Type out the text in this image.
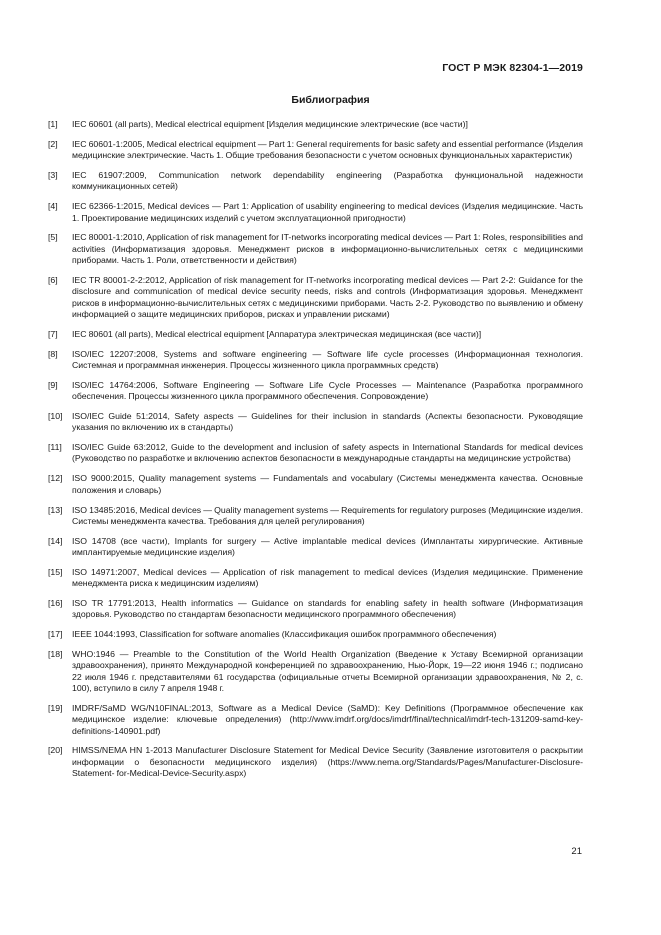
ГОСТ Р МЭК 82304-1—2019
Библиография
[1]	IEC 60601 (all parts), Medical electrical equipment [Изделия медицинские электрические (все части)]
[2]	IEC 60601-1:2005, Medical electrical equipment — Part 1: General requirements for basic safety and essential performance (Изделия медицинские электрические. Часть 1. Общие требования безопасности с учетом основных функциональных характеристик)
[3]	IEC 61907:2009, Communication network dependability engineering (Разработка функциональной надежности коммуникационных сетей)
[4]	IEC 62366-1:2015, Medical devices — Part 1: Application of usability engineering to medical devices (Изделия медицинские. Часть 1. Проектирование медицинских изделий с учетом эксплуатационной пригодности)
[5]	IEC 80001-1:2010, Application of risk management for IT-networks incorporating medical devices — Part 1: Roles, responsibilities and activities (Информатизация здоровья. Менеджмент рисков в информационно-вычислительных сетях с медицинскими приборами. Часть 1. Роли, ответственности и действия)
[6]	IEC TR 80001-2-2:2012, Application of risk management for IT-networks incorporating medical devices — Part 2-2: Guidance for the disclosure and communication of medical device security needs, risks and controls (Информатизация здоровья. Менеджмент рисков в информационно-вычислительных сетях с медицинскими приборами. Часть 2-2. Руководство по выявлению и обмену информацией о защите медицинских приборов, рисках и управлении рисками)
[7]	IEC 80601 (all parts), Medical electrical equipment [Аппаратура электрическая медицинская (все части)]
[8]	ISO/IEC 12207:2008, Systems and software engineering — Software life cycle processes (Информационная технология. Системная и программная инженерия. Процессы жизненного цикла программных средств)
[9]	ISO/IEC 14764:2006, Software Engineering — Software Life Cycle Processes — Maintenance (Разработка программного обеспечения. Процессы жизненного цикла программного обеспечения. Сопровождение)
[10]	ISO/IEC Guide 51:2014, Safety aspects — Guidelines for their inclusion in standards (Аспекты безопасности. Руководящие указания по включению их в стандарты)
[11]	ISO/IEC Guide 63:2012, Guide to the development and inclusion of safety aspects in International Standards for medical devices (Руководство по разработке и включению аспектов безопасности в международные стандарты на медицинские устройства)
[12]	ISO 9000:2015, Quality management systems — Fundamentals and vocabulary (Системы менеджмента качества. Основные положения и словарь)
[13]	ISO 13485:2016, Medical devices — Quality management systems — Requirements for regulatory purposes (Медицинские изделия. Системы менеджмента качества. Требования для целей регулирования)
[14]	ISO 14708 (все части), Implants for surgery — Active implantable medical devices (Имплантаты хирургические. Активные имплантируемые медицинские изделия)
[15]	ISO 14971:2007, Medical devices — Application of risk management to medical devices (Изделия медицинские. Применение менеджмента риска к медицинским изделиям)
[16]	ISO TR 17791:2013, Health informatics — Guidance on standards for enabling safety in health software (Информатизация здоровья. Руководство по стандартам безопасности медицинского программного обеспечения)
[17]	IEEE 1044:1993, Classification for software anomalies (Классификация ошибок программного обеспечения)
[18]	WHO:1946 — Preamble to the Constitution of the World Health Organization (Введение к Уставу Всемирной организации здравоохранения), принято Международной конференцией по здравоохранению, Нью-Йорк, 19—22 июня 1946 г.; подписано 22 июля 1946 г. представителями 61 государства (официальные отчеты Всемирной организации здравоохранения, № 2, с. 100), вступило в силу 7 апреля 1948 г.
[19]	IMDRF/SaMD WG/N10FINAL:2013, Software as a Medical Device (SaMD): Key Definitions (Программное обеспечение как медицинское изделие: ключевые определения) (http://www.imdrf.org/docs/imdrf/final/technical/imdrf-tech-131209-samd-key-definitions-140901.pdf)
[20]	HIMSS/NEMA HN 1-2013 Manufacturer Disclosure Statement for Medical Device Security (Заявление изготовителя о раскрытии информации о безопасности медицинского изделия) (https://www.nema.org/Standards/Pages/Manufacturer-Disclosure-Statement- for-Medical-Device-Security.aspx)
21
